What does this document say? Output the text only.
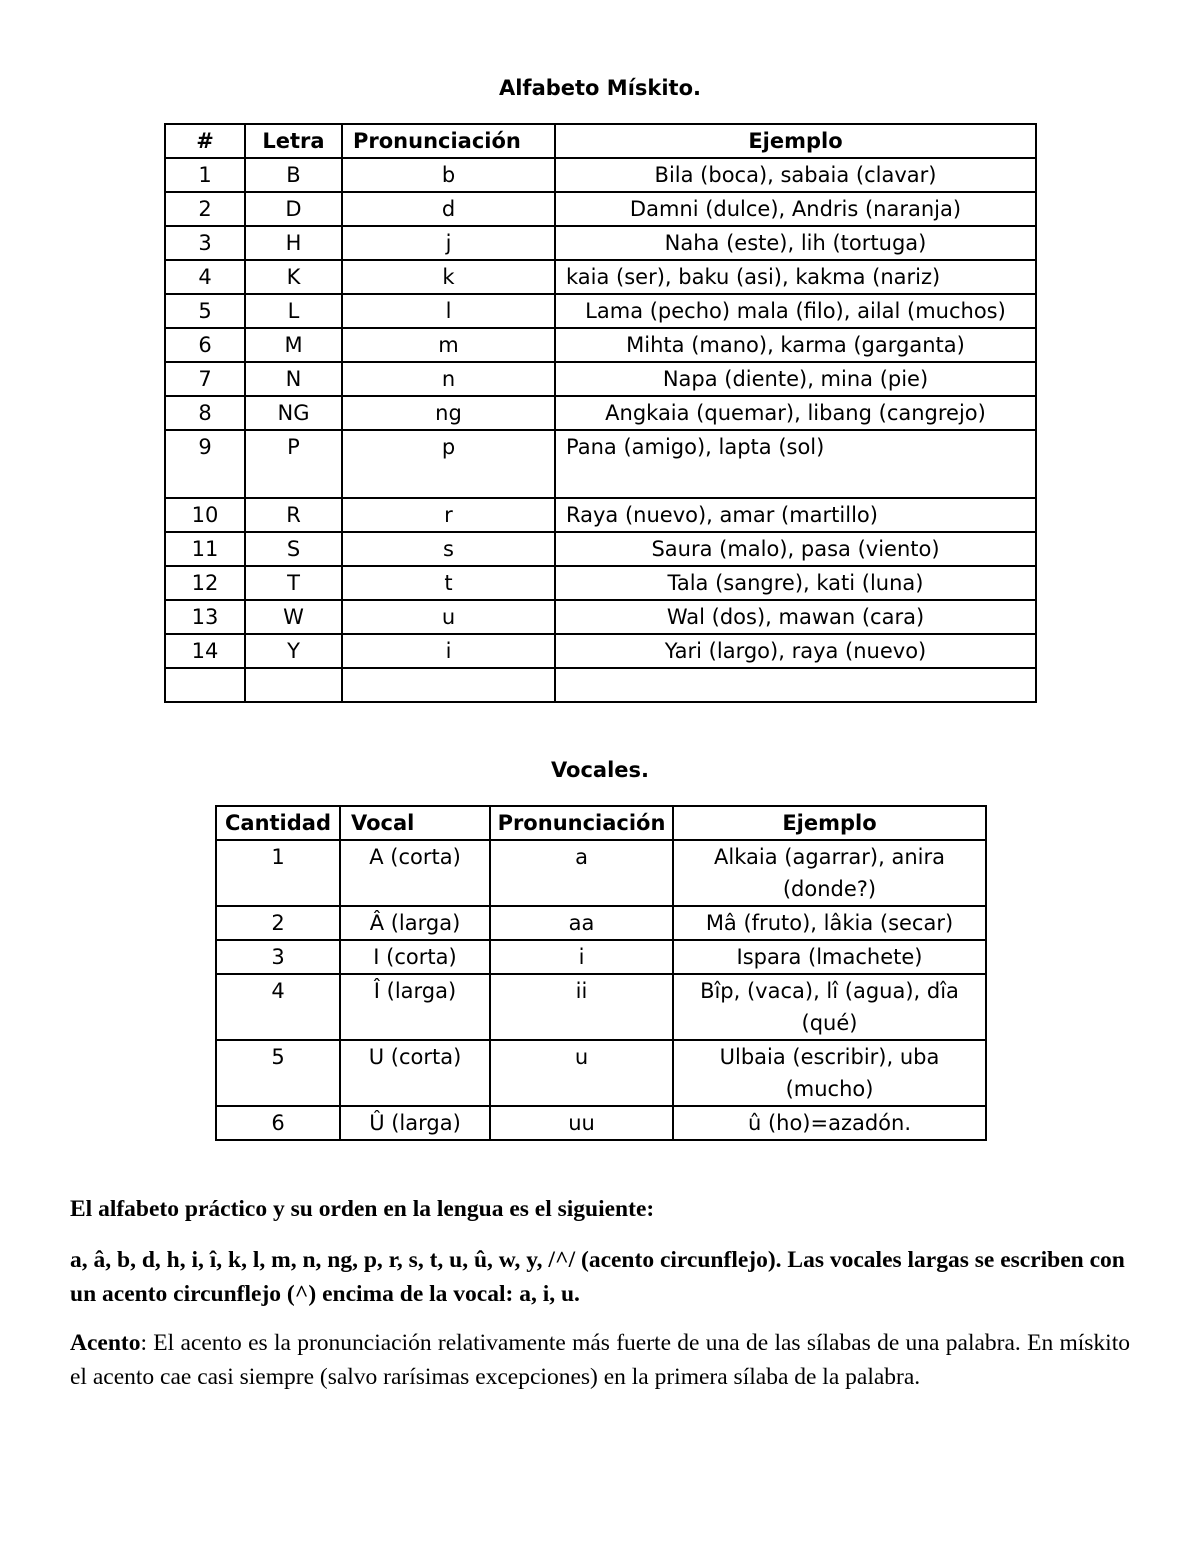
Alfabeto Mískito.
#	Letra	Pronunciación	Ejemplo
1	B	b	Bila (boca), sabaia (clavar)
2	D	d	Damni (dulce), Andris (naranja)
3	H	j	Naha (este), lih (tortuga)
4	K	k	kaia (ser), baku (asi), kakma (nariz)
5	L	l	Lama (pecho) mala (filo), ailal (muchos)
6	M	m	Mihta (mano), karma (garganta)
7	N	n	Napa (diente), mina (pie)
8	NG	ng	Angkaia (quemar), libang (cangrejo)
9	P	p	Pana (amigo), lapta (sol)
10	R	r	Raya (nuevo), amar (martillo)
11	S	s	Saura (malo), pasa (viento)
12	T	t	Tala (sangre), kati (luna)
13	W	u	Wal (dos), mawan (cara)
14	Y	i	Yari (largo), raya (nuevo)

Vocales.
Cantidad	Vocal	Pronunciación	Ejemplo
1	A (corta)	a	Alkaia (agarrar), anira (donde?)
2	Â (larga)	aa	Mâ (fruto), lâkia (secar)
3	I (corta)	i	Ispara (lmachete)
4	Î (larga)	ii	Bîp, (vaca), lî (agua), dîa (qué)
5	U (corta)	u	Ulbaia (escribir), uba (mucho)
6	Û (larga)	uu	û (ho)=azadón.
El alfabeto práctico y su orden en la lengua es el siguiente:
a, â, b, d, h, i, î, k, l, m, n, ng, p, r, s, t, u, û, w, y, /^/ (acento circunflejo). Las vocales largas se escriben con un acento circunflejo (^) encima de la vocal: a, i, u.
Acento: El acento es la pronunciación relativamente más fuerte de una de las sílabas de una palabra. En mískito el acento cae casi siempre (salvo rarísimas excepciones) en la primera sílaba de la palabra.
